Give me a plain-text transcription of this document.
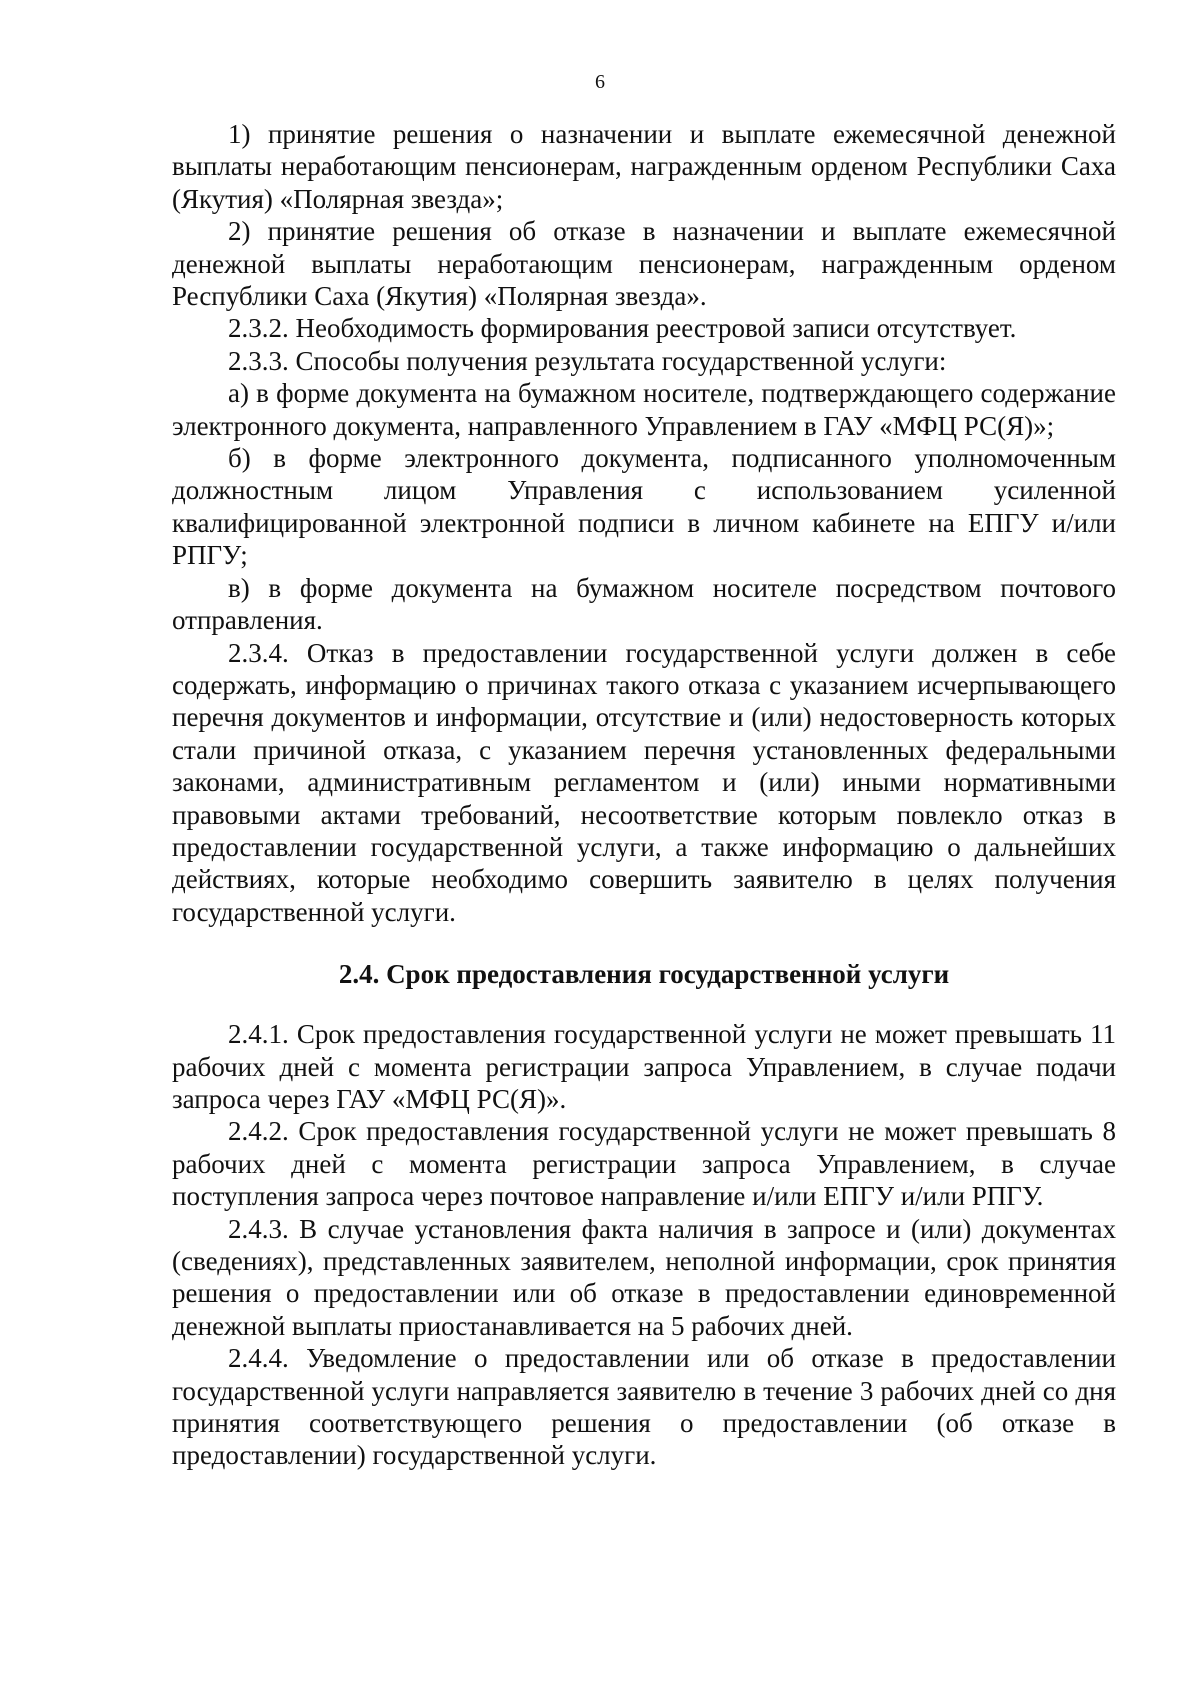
6

1) принятие решения о назначении и выплате ежемесячной денежной выплаты неработающим пенсионерам, награжденным орденом Республики Саха (Якутия) «Полярная звезда»;

2) принятие решения об отказе в назначении и выплате ежемесячной денежной выплаты неработающим пенсионерам, награжденным орденом Республики Саха (Якутия) «Полярная звезда».

2.3.2. Необходимость формирования реестровой записи отсутствует.

2.3.3. Способы получения результата государственной услуги:

а) в форме документа на бумажном носителе, подтверждающего содержание электронного документа, направленного Управлением в ГАУ «МФЦ РС(Я)»;

б) в форме электронного документа, подписанного уполномоченным должностным лицом Управления с использованием усиленной квалифицированной электронной подписи в личном кабинете на ЕПГУ и/или РПГУ;

в) в форме документа на бумажном носителе посредством почтового отправления.

2.3.4. Отказ в предоставлении государственной услуги должен в себе содержать, информацию о причинах такого отказа с указанием исчерпывающего перечня документов и информации, отсутствие и (или) недостоверность которых стали причиной отказа, с указанием перечня установленных федеральными законами, административным регламентом и (или) иными нормативными правовыми актами требований, несоответствие которым повлекло отказ в предоставлении государственной услуги, а также информацию о дальнейших действиях, которые необходимо совершить заявителю в целях получения государственной услуги.

2.4. Срок предоставления государственной услуги

2.4.1. Срок предоставления государственной услуги не может превышать 11 рабочих дней с момента регистрации запроса Управлением, в случае подачи запроса через ГАУ «МФЦ РС(Я)».

2.4.2. Срок предоставления государственной услуги не может превышать 8 рабочих дней с момента регистрации запроса Управлением, в случае поступления запроса через почтовое направление и/или ЕПГУ и/или РПГУ.

2.4.3. В случае установления факта наличия в запросе и (или) документах (сведениях), представленных заявителем, неполной информации, срок принятия решения о предоставлении или об отказе в предоставлении единовременной денежной выплаты приостанавливается на 5 рабочих дней.

2.4.4. Уведомление о предоставлении или об отказе в предоставлении государственной услуги направляется заявителю в течение 3 рабочих дней со дня принятия соответствующего решения о предоставлении (об отказе в предоставлении) государственной услуги.
